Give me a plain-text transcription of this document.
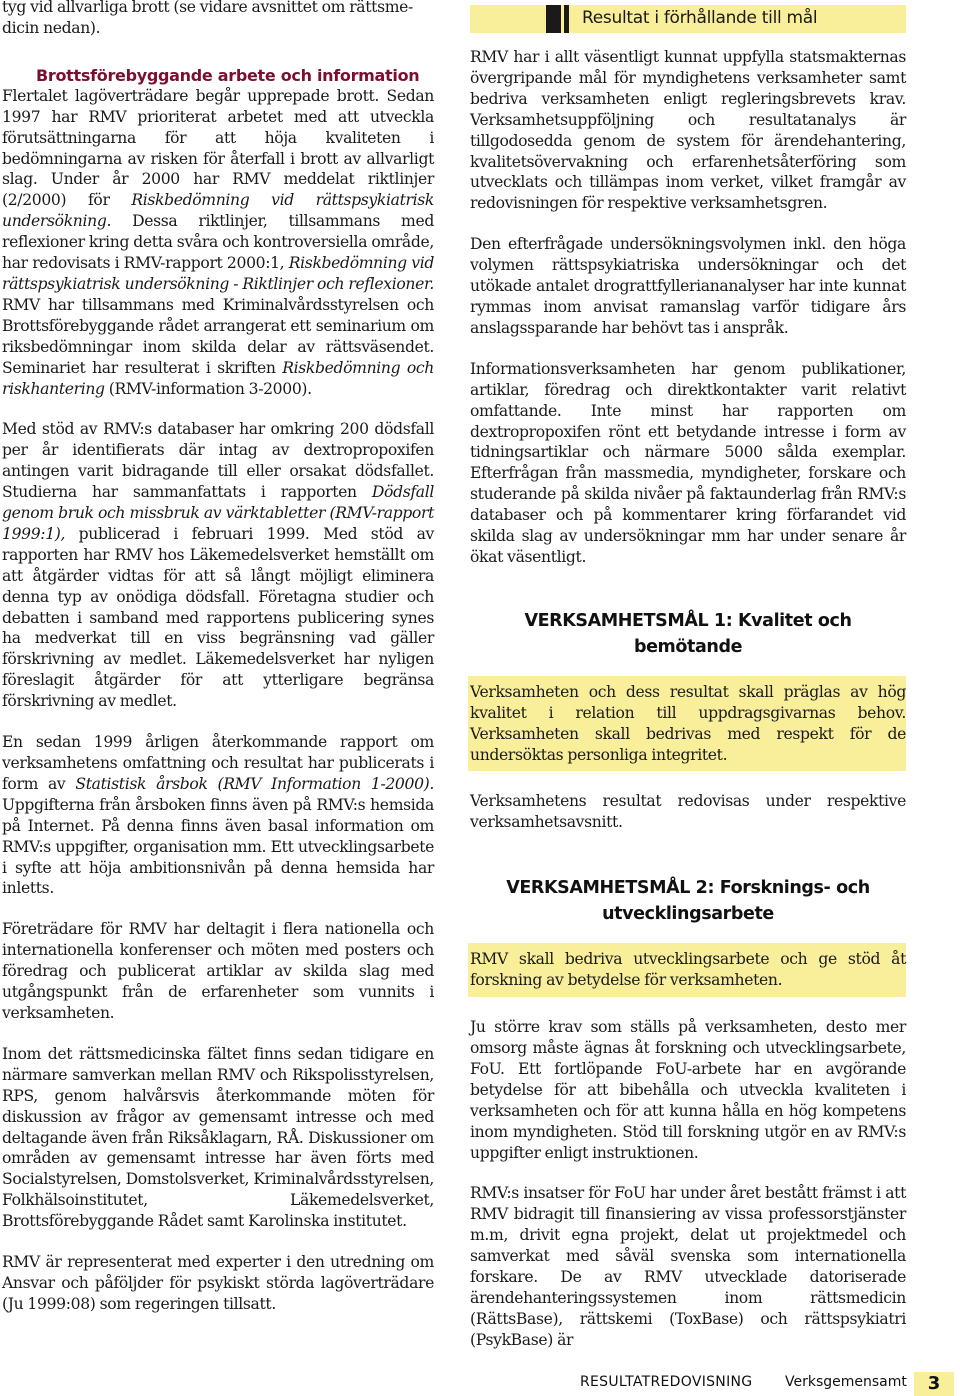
tyg vid allvarliga brott (se vidare avsnittet om rättsme-
dicin nedan).

Brottsförebyggande arbete och information

Flertalet lagöverträdare begår upprepade brott. Sedan 1997 har RMV prioriterat arbetet med att utveckla förutsättningarna för att höja kvaliteten i bedömningarna av risken för återfall i brott av allvarligt slag. Under år 2000 har RMV meddelat riktlinjer (2/2000) för Riskbedömning vid rättspsykiatrisk undersökning. Dessa riktlinjer, tillsammans med reflexioner kring detta svåra och kontroversiella område, har redovisats i RMV-rapport 2000:1, Riskbedömning vid rättspsykiatrisk undersökning - Riktlinjer och reflexioner. RMV har tillsammans med Kriminalvårdsstyrelsen och Brottsförebyggande rådet arrangerat ett seminarium om riksbedömningar inom skilda delar av rättsväsendet. Seminariet har resulterat i skriften Riskbedömning och riskhantering (RMV-information 3-2000).

Med stöd av RMV:s databaser har omkring 200 dödsfall per år identifierats där intag av dextropropoxifen antingen varit bidragande till eller orsakat dödsfallet. Studierna har sammanfattats i rapporten Dödsfall genom bruk och missbruk av värktabletter (RMV-rapport 1999:1), publicerad i februari 1999. Med stöd av rapporten har RMV hos Läkemedelsverket hemställt om att åtgärder vidtas för att så långt möjligt eliminera denna typ av onödiga dödsfall. Företagna studier och debatten i samband med rapportens publicering synes ha medverkat till en viss begränsning vad gäller förskrivning av medlet. Läkemedelsverket har nyligen föreslagit åtgärder för att ytterligare begränsa förskrivning av medlet.

En sedan 1999 årligen återkommande rapport om verksamhetens omfattning och resultat har publicerats i form av Statistisk årsbok (RMV Information 1-2000). Uppgifterna från årsboken finns även på RMV:s hemsida på Internet. På denna finns även basal information om RMV:s uppgifter, organisation mm. Ett utvecklingsarbete i syfte att höja ambitionsnivån på denna hemsida har inletts.

Företrädare för RMV har deltagit i flera nationella och internationella konferenser och möten med posters och föredrag och publicerat artiklar av skilda slag med utgångspunkt från de erfarenheter som vunnits i verksamheten.

Inom det rättsmedicinska fältet finns sedan tidigare en närmare samverkan mellan RMV och Rikspolisstyrelsen, RPS, genom halvårsvis återkommande möten för diskussion av frågor av gemensamt intresse och med deltagande även från Riksåklagarn, RÅ. Diskussioner om områden av gemensamt intresse har även förts med Socialstyrelsen, Domstolsverket, Kriminalvårdsstyrelsen, Folkhälsoinstitutet, Läkemedelsverket, Brottsförebyggande Rådet samt Karolinska institutet.

RMV är representerat med experter i den utredning om Ansvar och påföljder för psykiskt störda lagöverträdare (Ju 1999:08) som regeringen tillsatt.

Resultat i förhållande till mål

RMV har i allt väsentligt kunnat uppfylla statsmakternas övergripande mål för myndighetens verksamheter samt bedriva verksamheten enligt regleringsbrevets krav. Verksamhetsuppföljning och resultatanalys är tillgodosedda genom de system för ärendehantering, kvalitetsövervakning och erfarenhetsåterföring som utvecklats och tillämpas inom verket, vilket framgår av redovisningen för respektive verksamhetsgren.

Den efterfrågade undersökningsvolymen inkl. den höga volymen rättspsykiatriska undersökningar och det utökade antalet drograttfylleriananalyser har inte kunnat rymmas inom anvisat ramanslag varför tidigare års anslagssparande har behövt tas i anspråk.

Informationsverksamheten har genom publikationer, artiklar, föredrag och direktkontakter varit relativt omfattande. Inte minst har rapporten om dextropropoxifen rönt ett betydande intresse i form av tidningsartiklar och närmare 5000 sålda exemplar. Efterfrågan från massmedia, myndigheter, forskare och studerande på skilda nivåer på faktaunderlag från RMV:s databaser och på kommentarer kring förfarandet vid skilda slag av undersökningar mm har under senare år ökat väsentligt.

VERKSAMHETSMÅL 1: Kvalitet och bemötande

Verksamheten och dess resultat skall präglas av hög kvalitet i relation till uppdragsgivarnas behov. Verksamheten skall bedrivas med respekt för de undersöktas personliga integritet.

Verksamhetens resultat redovisas under respektive verksamhetsavsnitt.

VERKSAMHETSMÅL 2: Forsknings- och
utvecklingsarbete

RMV skall bedriva utvecklingsarbete och ge stöd åt forskning av betydelse för verksamheten.

Ju större krav som ställs på verksamheten, desto mer omsorg måste ägnas åt forskning och utvecklingsarbete, FoU. Ett fortlöpande FoU-arbete har en avgörande betydelse för att bibehålla och utveckla kvaliteten i verksamheten och för att kunna hålla en hög kompetens inom myndigheten. Stöd till forskning utgör en av RMV:s uppgifter enligt instruktionen.

RMV:s insatser för FoU har under året bestått främst i att RMV bidragit till finansiering av vissa professorstjänster m.m, drivit egna projekt, delat ut projektmedel och samverkat med såväl svenska som internationella forskare. De av RMV utvecklade datoriserade ärendehanteringssystemen inom rättsmedicin (RättsBase), rättskemi (ToxBase) och rättspsykiatri (PsykBase) är

RESULTATREDOVISNING Verksgemensamt	3
